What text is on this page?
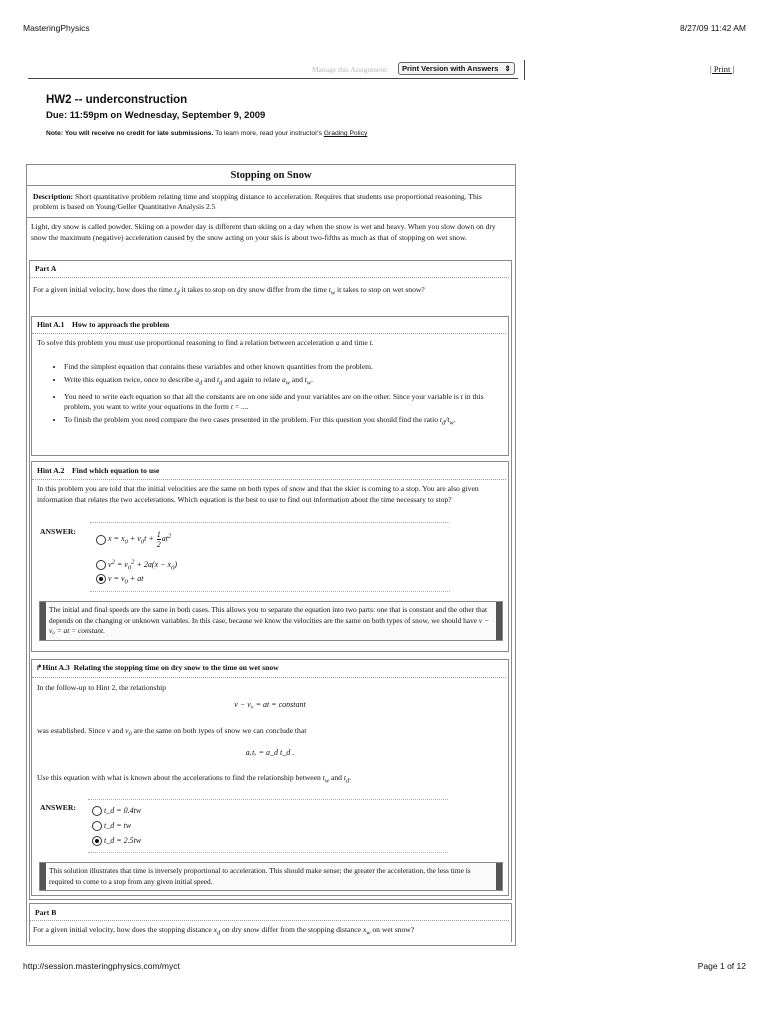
MasteringPhysics	8/27/09 11:42 AM
Manage this Assignment:	Print Version with Answers ⇕	| Print |
HW2 -- underconstruction
Due: 11:59pm on Wednesday, September 9, 2009
Note: You will receive no credit for late submissions. To learn more, read your instructor's Grading Policy
Stopping on Snow
Description: Short quantitative problem relating time and stopping distance to acceleration. Requires that students use proportional reasoning. This problem is based on Young/Geller Quantitative Analysis 2.5
Light, dry snow is called powder. Skiing on a powder day is different than skiing on a day when the snow is wet and heavy. When you slow down on dry snow the maximum (negative) acceleration caused by the snow acting on your skis is about two-fifths as much as that of stopping on wet snow.
Part A
For a given initial velocity, how does the time $t_d$ it takes to stop on dry snow differ from the time $t_w$ it takes to stop on wet snow?
Hint A.1 How to approach the problem
To solve this problem you must use proportional reasoning to find a relation between acceleration a and time t.
• Find the simplest equation that contains these variables and other known quantities from the problem.
• Write this equation twice, once to describe $a_d$ and $t_d$ and again to relate $a_w$ and $t_w$.
• You need to write each equation so that all the constants are on one side and your variables are on the other. Since your variable is t in this problem, you want to write your equations in the form t = ....
• To finish the problem you need compare the two cases presented in the problem. For this question you should find the ratio $t_d/t_w$.
Hint A.2 Find which equation to use
In this problem you are told that the initial velocities are the same on both types of snow and that the skier is coming to a stop. You are also given information that relates the two accelerations. Which equation is the best to use to find out information about the time necessary to stop?
ANSWER:
$x = x_0 + v_0t + \frac{1}{2} at^2$
$v^2 = v_0^2 + 2a(x - x_0)$
$v = v_0$ + at
The initial and final speeds are the same in both cases. This allows you to separate the equation into two parts: one that is constant and the other that depends on the changing or unknown variables. In this case, because we know the velocities are the same on both types of snow, we should have v − v₀ = at = constant.
↱Hint A.3 Relating the stopping time on dry snow to the time on wet snow
In the follow-up to Hint 2, the relationship
v − v₀ = at = constant
was established. Since v and $v_0$ are the same on both types of snow we can conclude that
aₓtₓ = a_d t_d .
Use this equation with what is known about the accelerations to find the relationship between $t_w$ and $t_d$.
ANSWER:	t_d = 0.4tw
t_d = tw
t_d = 2.5tw
This solution illustrates that time is inversely proportional to acceleration. This should make sense; the greater the acceleration, the less time is required to come to a stop from any given initial speed.
Part B
For a given initial velocity, how does the stopping distance $x_d$ on dry snow differ from the stopping distance $x_w$ on wet snow?
http://session.masteringphysics.com/myct	Page 1 of 12
